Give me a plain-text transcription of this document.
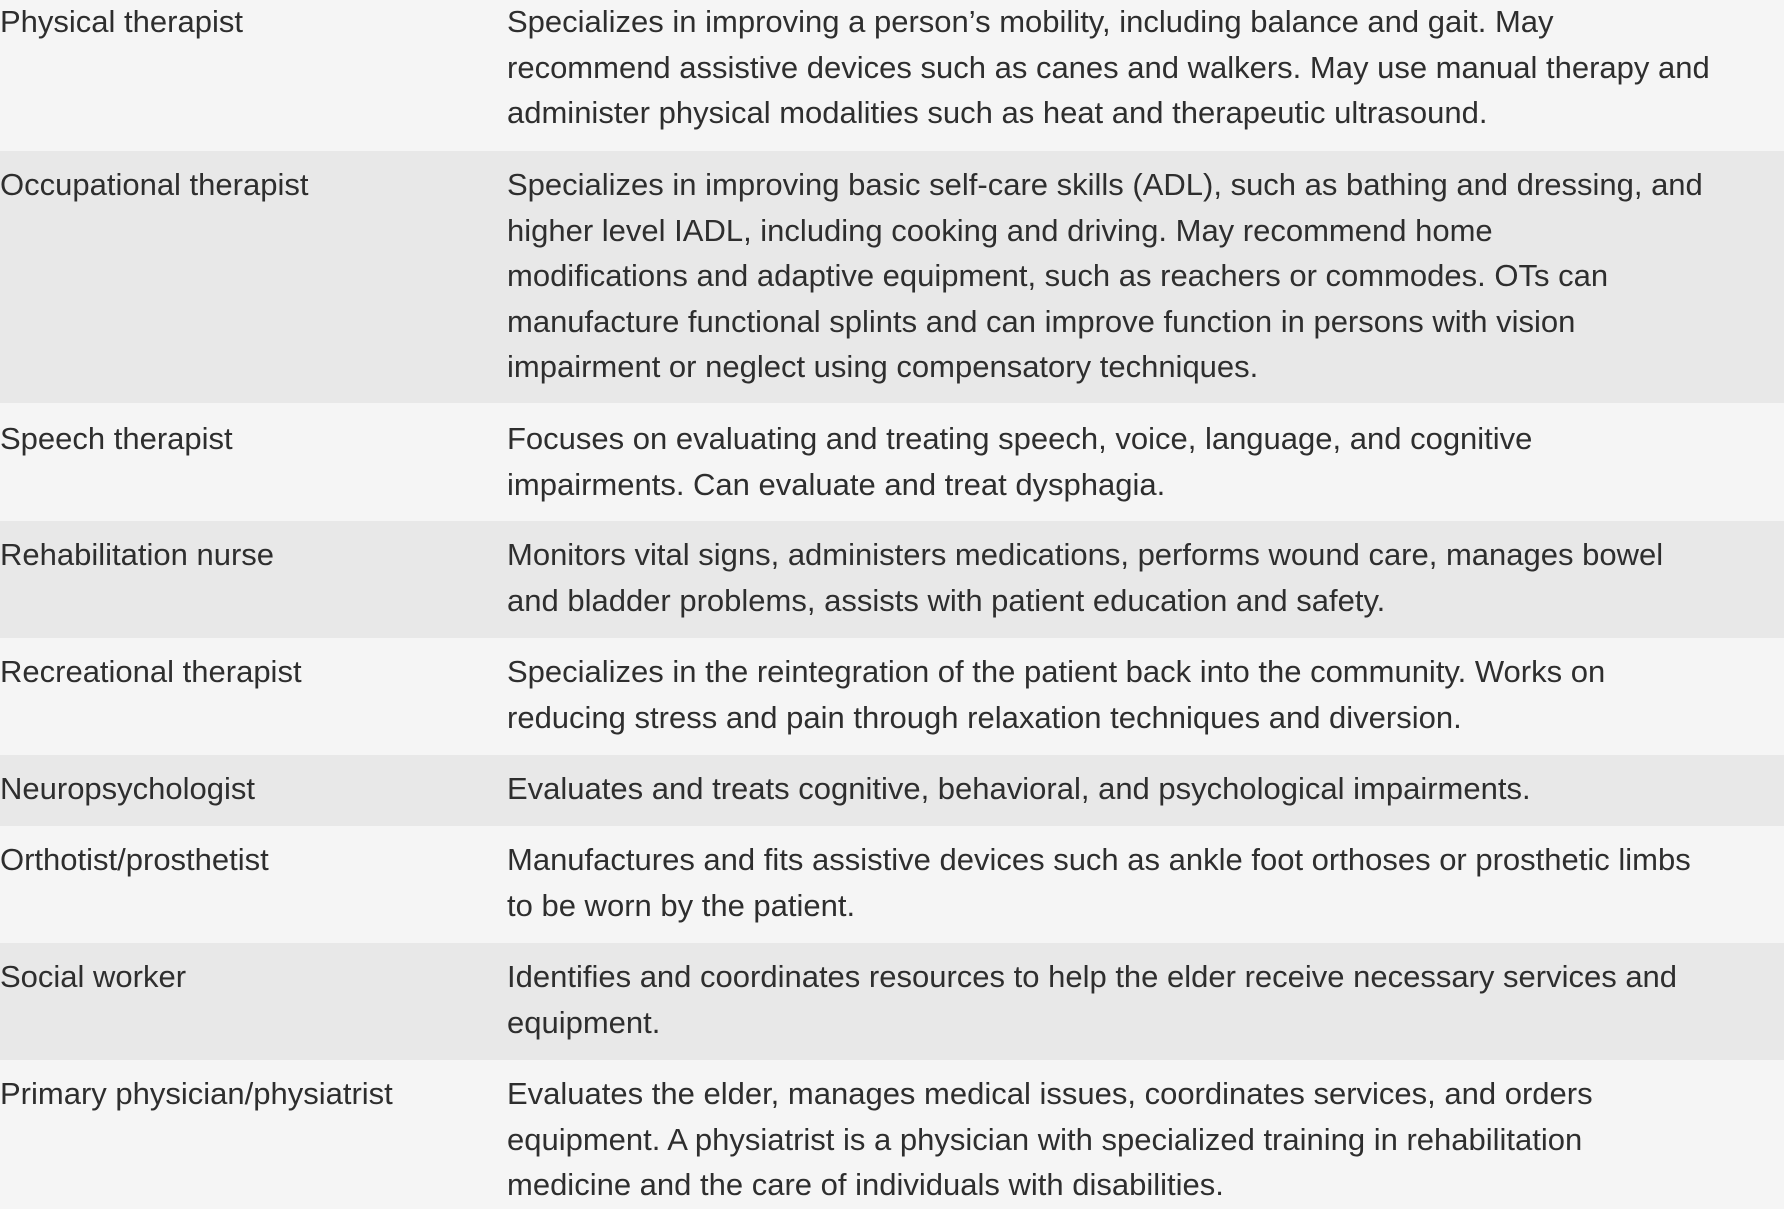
Physical therapist	Specializes in improving a person’s mobility, including balance and gait. May
recommend assistive devices such as canes and walkers. May use manual therapy and
administer physical modalities such as heat and therapeutic ultrasound.
Occupational therapist	Specializes in improving basic self-care skills (ADL), such as bathing and dressing, and
higher level IADL, including cooking and driving. May recommend home
modifications and adaptive equipment, such as reachers or commodes. OTs can
manufacture functional splints and can improve function in persons with vision
impairment or neglect using compensatory techniques.
Speech therapist	Focuses on evaluating and treating speech, voice, language, and cognitive
impairments. Can evaluate and treat dysphagia.
Rehabilitation nurse	Monitors vital signs, administers medications, performs wound care, manages bowel
and bladder problems, assists with patient education and safety.
Recreational therapist	Specializes in the reintegration of the patient back into the community. Works on
reducing stress and pain through relaxation techniques and diversion.
Neuropsychologist	Evaluates and treats cognitive, behavioral, and psychological impairments.
Orthotist/prosthetist	Manufactures and fits assistive devices such as ankle foot orthoses or prosthetic limbs
to be worn by the patient.
Social worker	Identifies and coordinates resources to help the elder receive necessary services and
equipment.
Primary physician/physiatrist	Evaluates the elder, manages medical issues, coordinates services, and orders
equipment. A physiatrist is a physician with specialized training in rehabilitation
medicine and the care of individuals with disabilities.
